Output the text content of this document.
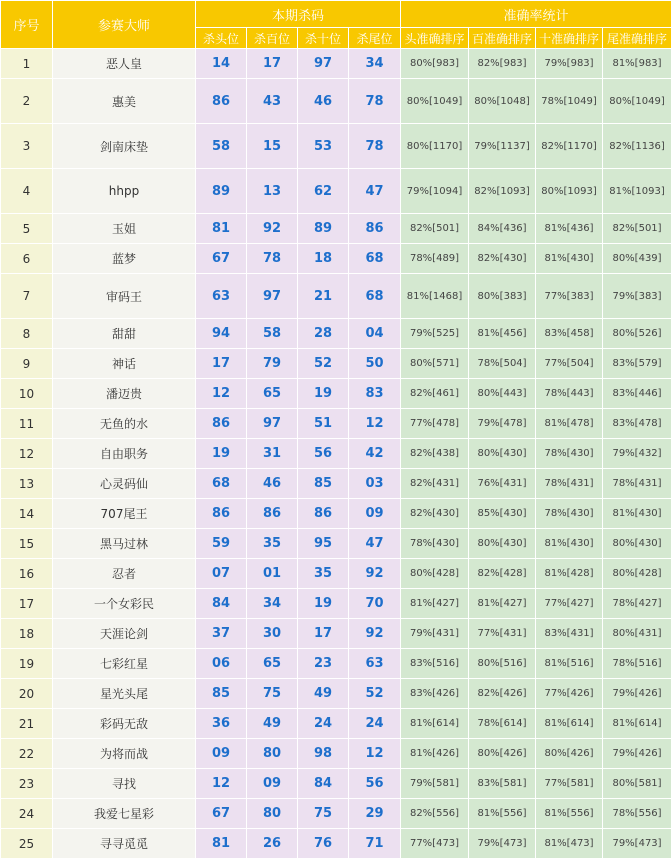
序号	参赛大师	本期杀码				准确率统计			
		杀头位	杀百位	杀十位	杀尾位	头准确排序	百准确排序	十准确排序	尾准确排序
1	恶人皇	14	17	97	34	80%[983]	82%[983]	79%[983]	81%[983]
2	惠美	86	43	46	78	80%[1049]	80%[1048]	78%[1049]	80%[1049]
3	剑南床垫	58	15	53	78	80%[1170]	79%[1137]	82%[1170]	82%[1136]
4	hhpp	89	13	62	47	79%[1094]	82%[1093]	80%[1093]	81%[1093]
5	玉姐	81	92	89	86	82%[501]	84%[436]	81%[436]	82%[501]
6	蓝梦	67	78	18	68	78%[489]	82%[430]	81%[430]	80%[439]
7	审码王	63	97	21	68	81%[1468]	80%[383]	77%[383]	79%[383]
8	甜甜	94	58	28	04	79%[525]	81%[456]	83%[458]	80%[526]
9	神话	17	79	52	50	80%[571]	78%[504]	77%[504]	83%[579]
10	潘迈贵	12	65	19	83	82%[461]	80%[443]	78%[443]	83%[446]
11	无鱼的水	86	97	51	12	77%[478]	79%[478]	81%[478]	83%[478]
12	自由职务	19	31	56	42	82%[438]	80%[430]	78%[430]	79%[432]
13	心灵码仙	68	46	85	03	82%[431]	76%[431]	78%[431]	78%[431]
14	707尾王	86	86	86	09	82%[430]	85%[430]	78%[430]	81%[430]
15	黑马过林	59	35	95	47	78%[430]	80%[430]	81%[430]	80%[430]
16	忍者	07	01	35	92	80%[428]	82%[428]	81%[428]	80%[428]
17	一个女彩民	84	34	19	70	81%[427]	81%[427]	77%[427]	78%[427]
18	天涯论剑	37	30	17	92	79%[431]	77%[431]	83%[431]	80%[431]
19	七彩红星	06	65	23	63	83%[516]	80%[516]	81%[516]	78%[516]
20	星光头尾	85	75	49	52	83%[426]	82%[426]	77%[426]	79%[426]
21	彩码无敌	36	49	24	24	81%[614]	78%[614]	81%[614]	81%[614]
22	为将而战	09	80	98	12	81%[426]	80%[426]	80%[426]	79%[426]
23	寻找	12	09	84	56	79%[581]	83%[581]	77%[581]	80%[581]
24	我爱七星彩	67	80	75	29	82%[556]	81%[556]	81%[556]	78%[556]
25	寻寻觅觅	81	26	76	71	77%[473]	79%[473]	81%[473]	79%[473]
